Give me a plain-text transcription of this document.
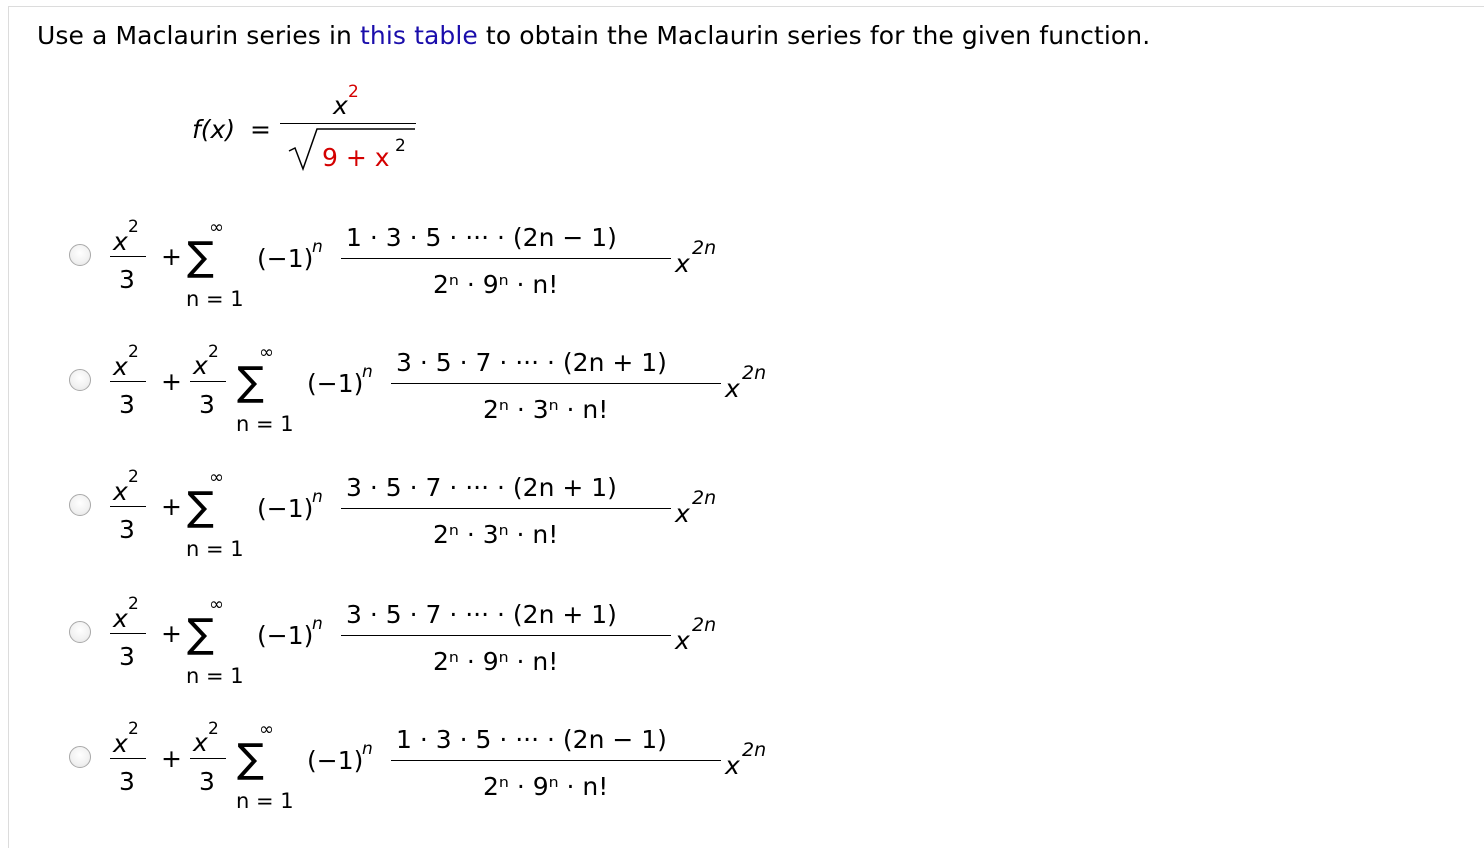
Use a Maclaurin series in this table to obtain the Maclaurin series for the given function.
f(x) =
x 2
9 + x 2
x 2
3
+
∞
∑
n = 1
(−1)
n 1 · 3 · 5 · ··· · (2n − 1)
2ⁿ · 9ⁿ · n!
x
2n
x 2
3
+
x 2
3
∞
∑
n = 1
(−1)
n 3 · 5 · 7 · ··· · (2n + 1)
2ⁿ · 3ⁿ · n!
x
2n
x 2
3
+
∞
∑
n = 1
(−1)
n 3 · 5 · 7 · ··· · (2n + 1)
2ⁿ · 3ⁿ · n!
x
2n
x 2
3
+
∞
∑
n = 1
(−1)
n 3 · 5 · 7 · ··· · (2n + 1)
2ⁿ · 9ⁿ · n!
x
2n
x 2
3
+
x 2
3
∞
∑
n = 1
(−1)
n 1 · 3 · 5 · ··· · (2n − 1)
2ⁿ · 9ⁿ · n!
x
2n
